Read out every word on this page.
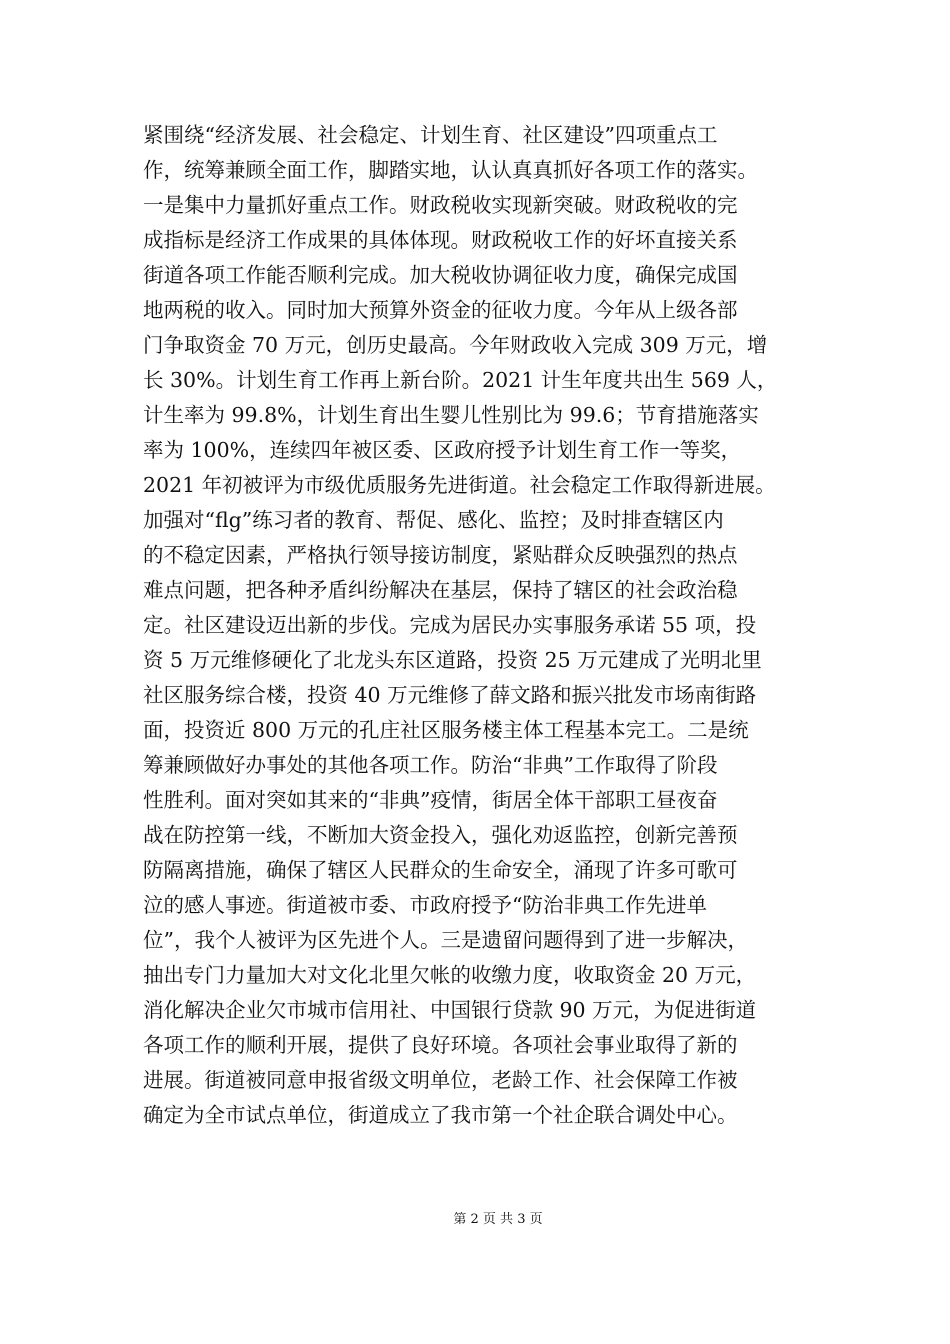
紧围绕“经济发展、社会稳定、计划生育、社区建设”四项重点工
作，统筹兼顾全面工作，脚踏实地，认认真真抓好各项工作的落实。
一是集中力量抓好重点工作。财政税收实现新突破。财政税收的完
成指标是经济工作成果的具体体现。财政税收工作的好坏直接关系
街道各项工作能否顺利完成。加大税收协调征收力度，确保完成国
地两税的收入。同时加大预算外资金的征收力度。今年从上级各部
门争取资金 70 万元，创历史最高。今年财政收入完成 309 万元，增
长 30%。计划生育工作再上新台阶。2021 计生年度共出生 569 人，
计生率为 99.8%，计划生育出生婴儿性别比为 99.6；节育措施落实
率为 100%，连续四年被区委、区政府授予计划生育工作一等奖，
2021 年初被评为市级优质服务先进街道。社会稳定工作取得新进展。
加强对“flg”练习者的教育、帮促、感化、监控；及时排查辖区内
的不稳定因素，严格执行领导接访制度，紧贴群众反映强烈的热点
难点问题，把各种矛盾纠纷解决在基层，保持了辖区的社会政治稳
定。社区建设迈出新的步伐。完成为居民办实事服务承诺 55 项，投
资 5 万元维修硬化了北龙头东区道路，投资 25 万元建成了光明北里
社区服务综合楼，投资 40 万元维修了薛文路和振兴批发市场南街路
面，投资近 800 万元的孔庄社区服务楼主体工程基本完工。二是统
筹兼顾做好办事处的其他各项工作。防治“非典”工作取得了阶段
性胜利。面对突如其来的“非典”疫情，街居全体干部职工昼夜奋
战在防控第一线，不断加大资金投入，强化劝返监控，创新完善预
防隔离措施，确保了辖区人民群众的生命安全，涌现了许多可歌可
泣的感人事迹。街道被市委、市政府授予“防治非典工作先进单
位”，我个人被评为区先进个人。三是遗留问题得到了进一步解决，
抽出专门力量加大对文化北里欠帐的收缴力度，收取资金 20 万元，
消化解决企业欠市城市信用社、中国银行贷款 90 万元，为促进街道
各项工作的顺利开展，提供了良好环境。各项社会事业取得了新的
进展。街道被同意申报省级文明单位，老龄工作、社会保障工作被
确定为全市试点单位，街道成立了我市第一个社企联合调处中心。
第 2 页 共 3 页
